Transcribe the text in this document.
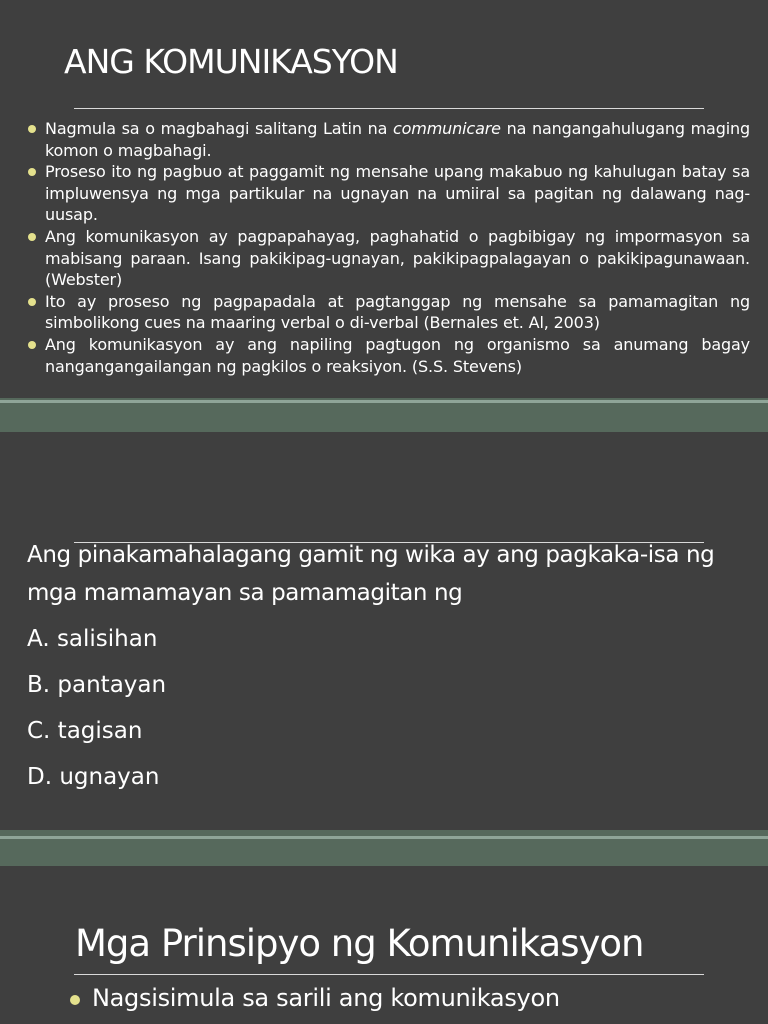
ANG KOMUNIKASYON
Nagmula sa o magbahagi salitang Latin na communicare na nangangahulugang maging komon o magbahagi.
Proseso ito ng pagbuo at paggamit ng mensahe upang makabuo ng kahulugan batay sa impluwensya ng mga partikular na ugnayan na umiiral sa pagitan ng dalawang nag-uusap.
Ang komunikasyon ay pagpapahayag, paghahatid o pagbibigay ng impormasyon sa mabisang paraan. Isang pakikipag-ugnayan, pakikipagpalagayan o pakikipagunawaan. (Webster)
Ito ay proseso ng pagpapadala at pagtanggap ng mensahe sa pamamagitan ng simbolikong cues na maaring verbal o di-verbal (Bernales et. Al, 2003)
Ang komunikasyon ay ang napiling pagtugon ng organismo sa anumang bagay nangangangailangan ng pagkilos o reaksiyon. (S.S. Stevens)
Ang pinakamahalagang gamit ng wika ay ang pagkaka-isa ng mga mamamayan sa pamamagitan ng
A. salisihan
B. pantayan
C. tagisan
D. ugnayan
Mga Prinsipyo ng Komunikasyon
Nagsisimula sa sarili ang komunikasyon
